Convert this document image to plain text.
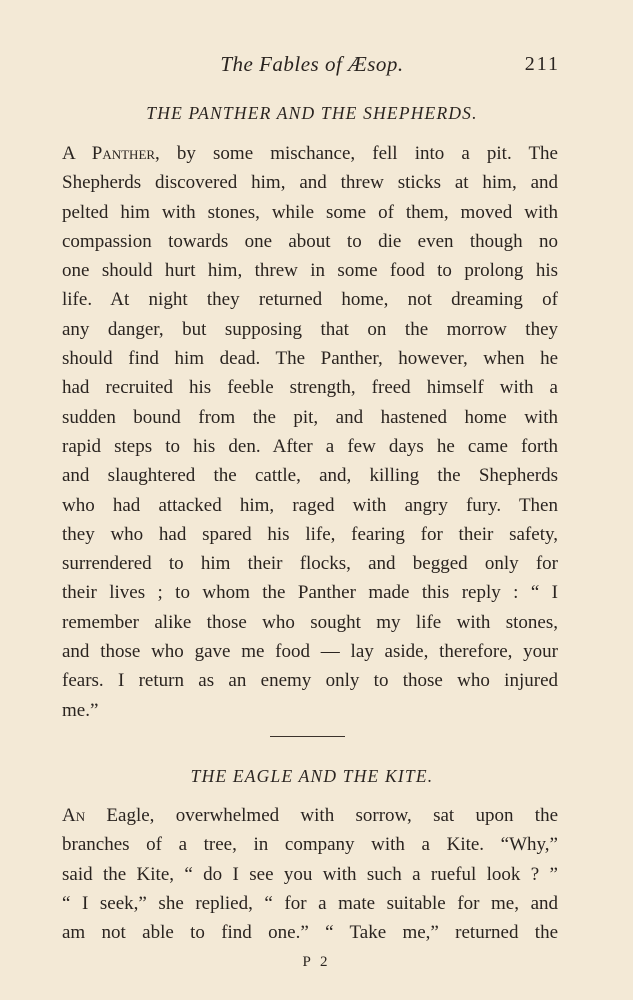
The Fables of Æsop.	211
THE PANTHER AND THE SHEPHERDS.
A Panther, by some mischance, fell into a pit. The
Shepherds discovered him, and threw sticks at him, and
pelted him with stones, while some of them, moved with
compassion towards one about to die even though no
one should hurt him, threw in some food to prolong his
life. At night they returned home, not dreaming of
any danger, but supposing that on the morrow they
should find him dead. The Panther, however, when he
had recruited his feeble strength, freed himself with a
sudden bound from the pit, and hastened home with
rapid steps to his den. After a few days he came forth
and slaughtered the cattle, and, killing the Shepherds
who had attacked him, raged with angry fury. Then
they who had spared his life, fearing for their safety,
surrendered to him their flocks, and begged only for
their lives ; to whom the Panther made this reply : “ I
remember alike those who sought my life with stones,
and those who gave me food — lay aside, therefore, your
fears. I return as an enemy only to those who injured
me.”
THE EAGLE AND THE KITE.
An Eagle, overwhelmed with sorrow, sat upon the
branches of a tree, in company with a Kite. “Why,”
said the Kite, “ do I see you with such a rueful look ? ”
“ I seek,” she replied, “ for a mate suitable for me, and
am not able to find one.” “ Take me,” returned the
P 2
